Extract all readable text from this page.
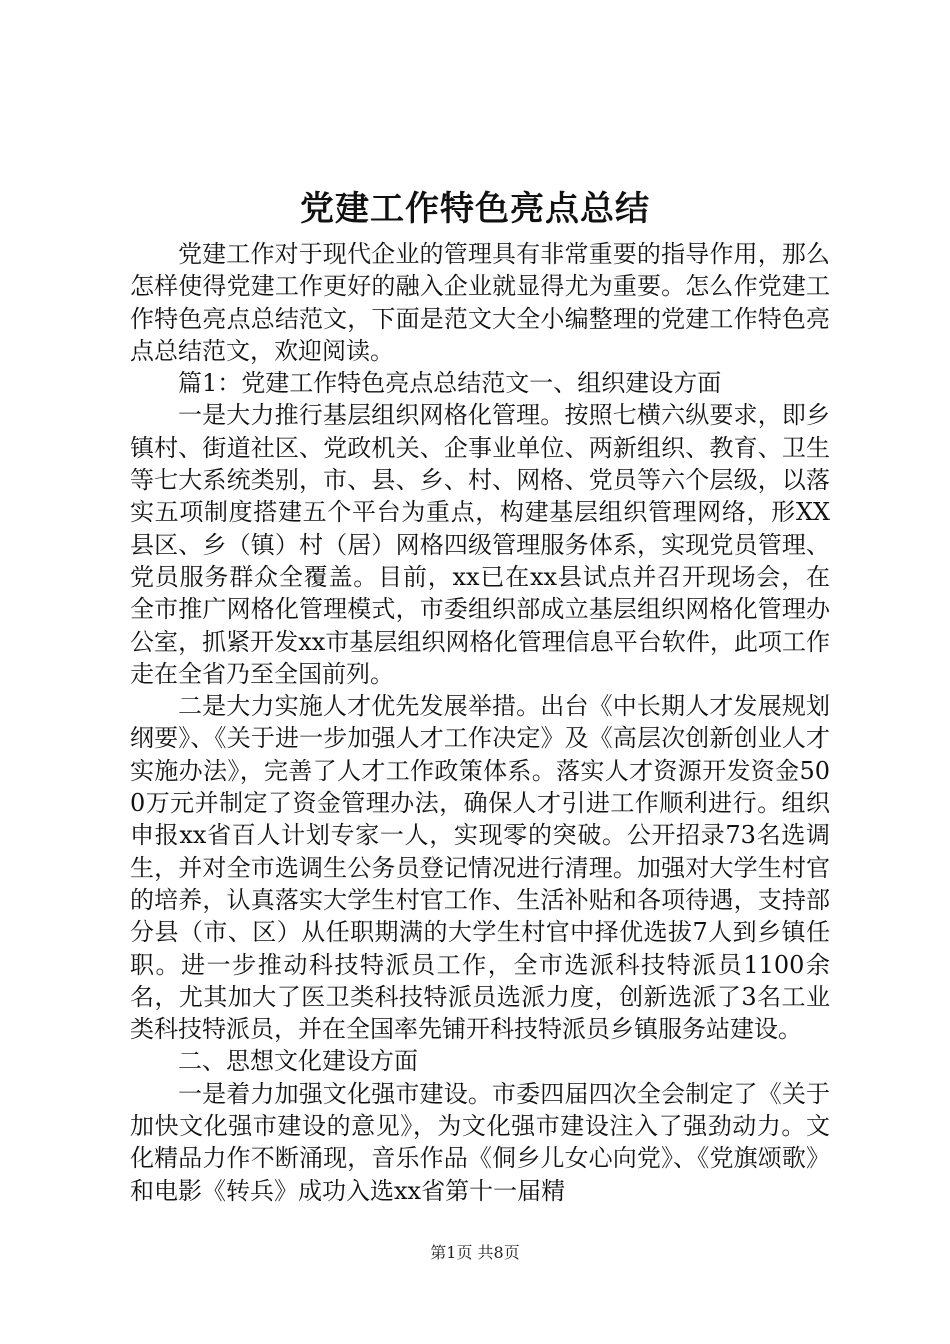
党建工作特色亮点总结

党建工作对于现代企业的管理具有非常重要的指导作用，那么怎样使得党建工作更好的融入企业就显得尤为重要。怎么作党建工作特色亮点总结范文，下面是范文大全小编整理的党建工作特色亮点总结范文，欢迎阅读。

篇1：党建工作特色亮点总结范文一、组织建设方面

一是大力推行基层组织网格化管理。按照七横六纵要求，即乡镇村、街道社区、党政机关、企事业单位、两新组织、教育、卫生等七大系统类别，市、县、乡、村、网格、党员等六个层级，以落实五项制度搭建五个平台为重点，构建基层组织管理网络，形XX县区、乡（镇）村（居）网格四级管理服务体系，实现党员管理、党员服务群众全覆盖。目前，xx已在xx县试点并召开现场会，在全市推广网格化管理模式，市委组织部成立基层组织网格化管理办公室，抓紧开发xx市基层组织网格化管理信息平台软件，此项工作走在全省乃至全国前列。

二是大力实施人才优先发展举措。出台《中长期人才发展规划纲要》、《关于进一步加强人才工作决定》及《高层次创新创业人才实施办法》，完善了人才工作政策体系。落实人才资源开发资金500万元并制定了资金管理办法，确保人才引进工作顺利进行。组织申报xx省百人计划专家一人，实现零的突破。公开招录73名选调生，并对全市选调生公务员登记情况进行清理。加强对大学生村官的培养，认真落实大学生村官工作、生活补贴和各项待遇，支持部分县（市、区）从任职期满的大学生村官中择优选拔7人到乡镇任职。进一步推动科技特派员工作，全市选派科技特派员1100余名，尤其加大了医卫类科技特派员选派力度，创新选派了3名工业类科技特派员，并在全国率先铺开科技特派员乡镇服务站建设。

二、思想文化建设方面

一是着力加强文化强市建设。市委四届四次全会制定了《关于加快文化强市建设的意见》，为文化强市建设注入了强劲动力。文化精品力作不断涌现，音乐作品《侗乡儿女心向党》、《党旗颂歌》和电影《转兵》成功入选xx省第十一届精

第1页 共8页
